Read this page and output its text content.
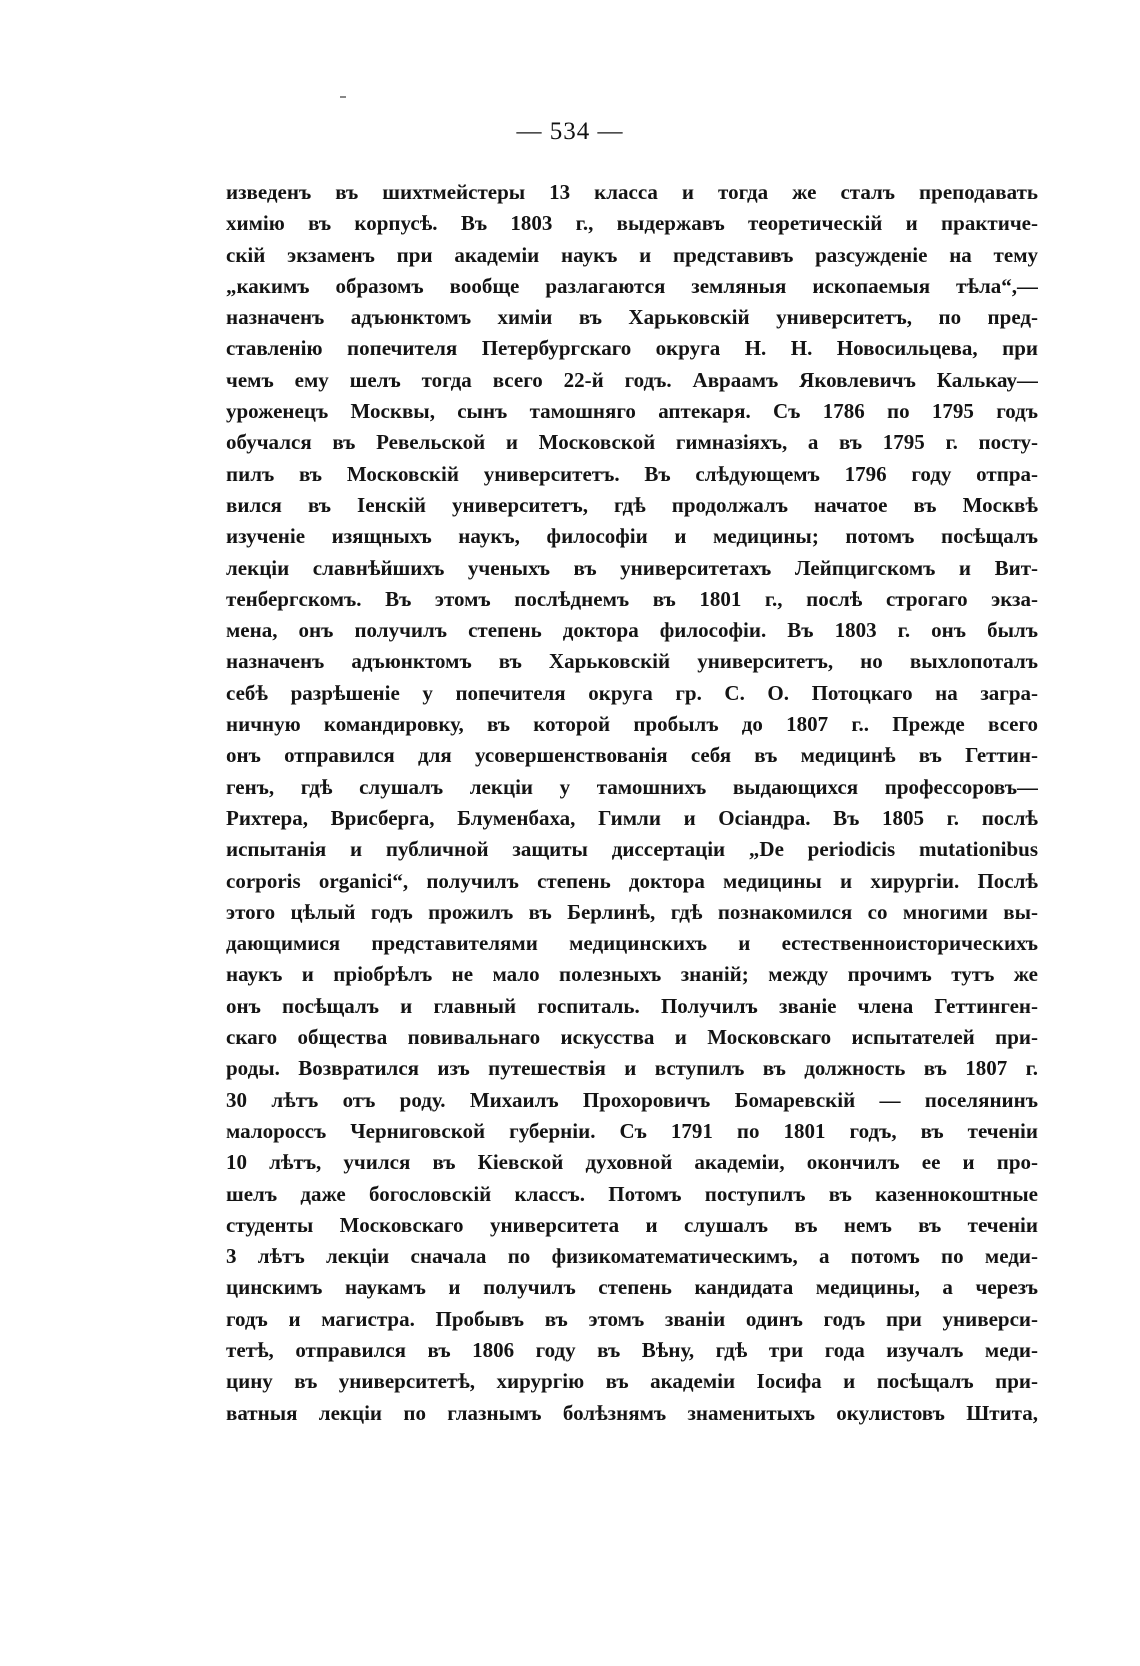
— 534 —
изведенъ въ шихтмейстеры 13 класса и тогда же сталъ преподавать
химію въ корпусѣ. Въ 1803 г., выдержавъ теоретическій и практиче-
скій экзаменъ при академіи наукъ и представивъ разсужденіе на тему
„какимъ образомъ вообще разлагаются земляныя ископаемыя тѣла“,—
назначенъ адъюнктомъ химіи въ Харьковскій университетъ, по пред-
ставленію попечителя Петербургскаго округа Н. Н. Новосильцева, при
чемъ ему шелъ тогда всего 22-й годъ. Авраамъ Яковлевичъ Калькау—
уроженецъ Москвы, сынъ тамошняго аптекаря. Съ 1786 по 1795 годъ
обучался въ Ревельской и Московской гимназіяхъ, а въ 1795 г. посту-
пилъ въ Московскій университетъ. Въ слѣдующемъ 1796 году отпра-
вился въ Іенскій университетъ, гдѣ продолжалъ начатое въ Москвѣ
изученіе изящныхъ наукъ, философіи и медицины; потомъ посѣщалъ
лекціи славнѣйшихъ ученыхъ въ университетахъ Лейпцигскомъ и Вит-
тенбергскомъ. Въ этомъ послѣднемъ въ 1801 г., послѣ строгаго экза-
мена, онъ получилъ степень доктора философіи. Въ 1803 г. онъ былъ
назначенъ адъюнктомъ въ Харьковскій университетъ, но выхлопоталъ
себѣ разрѣшеніе у попечителя округа гр. С. О. Потоцкаго на загра-
ничную командировку, въ которой пробылъ до 1807 г.. Прежде всего
онъ отправился для усовершенствованія себя въ медицинѣ въ Геттин-
генъ, гдѣ слушалъ лекціи у тамошнихъ выдающихся профессоровъ—
Рихтера, Врисберга, Блуменбаха, Гимли и Осіандра. Въ 1805 г. послѣ
испытанія и публичной защиты диссертаціи „De periodicis mutationibus
corporis organici“, получилъ степень доктора медицины и хирургіи. Послѣ
этого цѣлый годъ прожилъ въ Берлинѣ, гдѣ познакомился со многими вы-
дающимися представителями медицинскихъ и естественноисторическихъ
наукъ и пріобрѣлъ не мало полезныхъ знаній; между прочимъ тутъ же
онъ посѣщалъ и главный госпиталь. Получилъ званіе члена Геттинген-
скаго общества повивальнаго искусства и Московскаго испытателей при-
роды. Возвратился изъ путешествія и вступилъ въ должность въ 1807 г.
30 лѣтъ отъ роду. Михаилъ Прохоровичъ Бомаревскій — поселянинъ
малороссъ Черниговской губерніи. Съ 1791 по 1801 годъ, въ теченіи
10 лѣтъ, учился въ Кіевской духовной академіи, окончилъ ее и про-
шелъ даже богословскій классъ. Потомъ поступилъ въ казеннокоштные
студенты Московскаго университета и слушалъ въ немъ въ теченіи
3 лѣтъ лекціи сначала по физикоматематическимъ, а потомъ по меди-
цинскимъ наукамъ и получилъ степень кандидата медицины, а черезъ
годъ и магистра. Пробывъ въ этомъ званіи одинъ годъ при универси-
тетѣ, отправился въ 1806 году въ Вѣну, гдѣ три года изучалъ меди-
цину въ университетѣ, хирургію въ академіи Іосифа и посѣщалъ при-
ватныя лекціи по глазнымъ болѣзнямъ знаменитыхъ окулистовъ Штита,
